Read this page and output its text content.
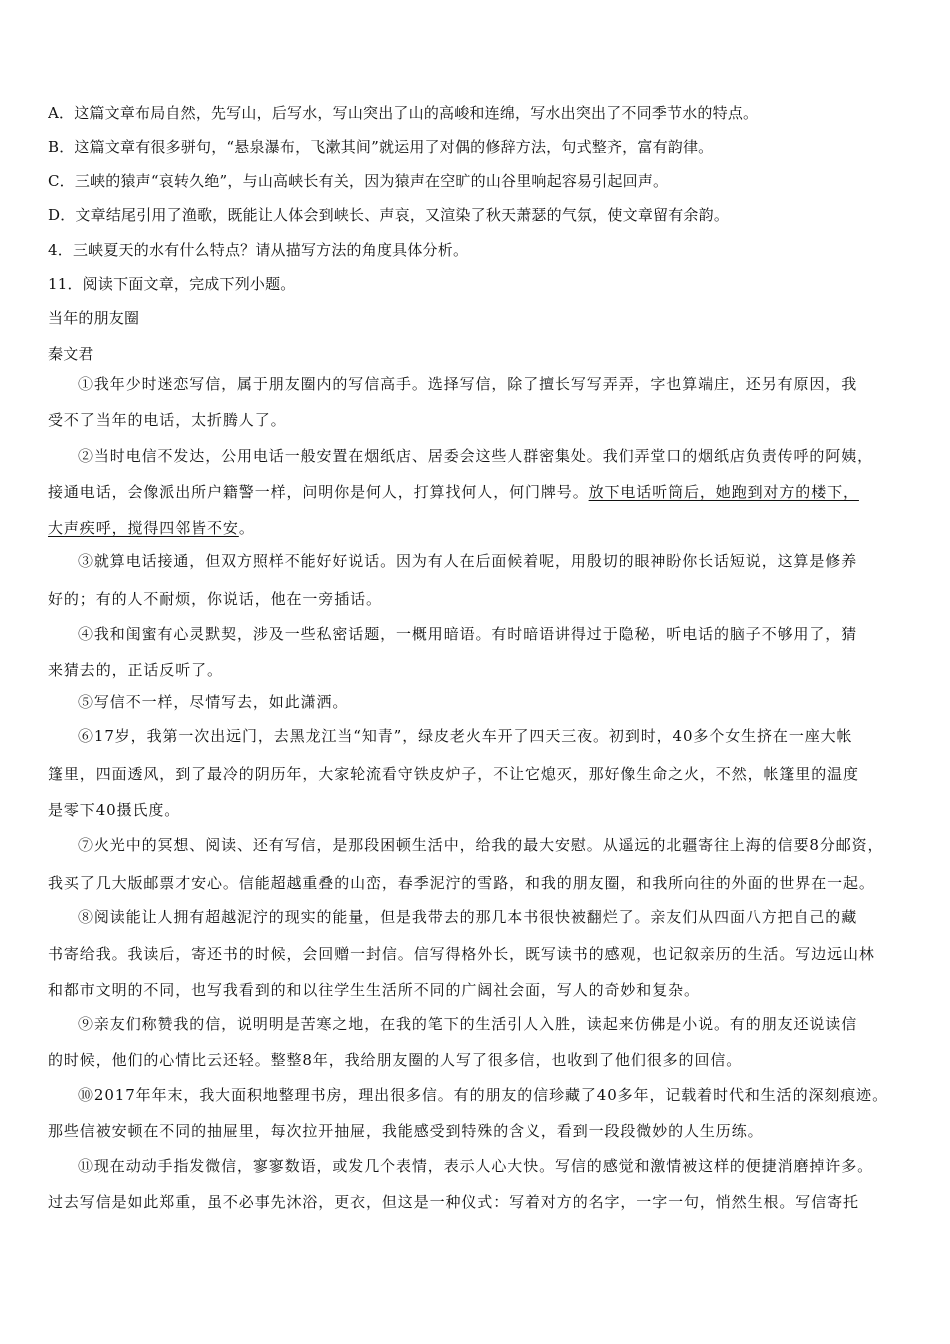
A．这篇文章布局自然，先写山，后写水，写山突出了山的高峻和连绵，写水出突出了不同季节水的特点。
B．这篇文章有很多骈句，“悬泉瀑布，飞漱其间”就运用了对偶的修辞方法，句式整齐，富有韵律。
C．三峡的猿声“哀转久绝”，与山高峡长有关，因为猿声在空旷的山谷里响起容易引起回声。
D．文章结尾引用了渔歌，既能让人体会到峡长、声哀，又渲染了秋天萧瑟的气氛，使文章留有余韵。
4．三峡夏天的水有什么特点？请从描写方法的角度具体分析。
11．阅读下面文章，完成下列小题。
当年的朋友圈
秦文君
①我年少时迷恋写信，属于朋友圈内的写信高手。选择写信，除了擅长写写弄弄，字也算端庄，还另有原因，我
受不了当年的电话，太折腾人了。
②当时电信不发达，公用电话一般安置在烟纸店、居委会这些人群密集处。我们弄堂口的烟纸店负责传呼的阿姨，
接通电话，会像派出所户籍警一样，问明你是何人，打算找何人，何门牌号。放下电话听筒后，她跑到对方的楼下，
大声疾呼，搅得四邻皆不安。
③就算电话接通，但双方照样不能好好说话。因为有人在后面候着呢，用殷切的眼神盼你长话短说，这算是修养
好的；有的人不耐烦，你说话，他在一旁插话。
④我和闺蜜有心灵默契，涉及一些私密话题，一概用暗语。有时暗语讲得过于隐秘，听电话的脑子不够用了，猜
来猜去的，正话反听了。
⑤写信不一样，尽情写去，如此潇洒。
⑥17岁，我第一次出远门，去黑龙江当“知青”，绿皮老火车开了四天三夜。初到时，40多个女生挤在一座大帐
篷里，四面透风，到了最冷的阴历年，大家轮流看守铁皮炉子，不让它熄灭，那好像生命之火，不然，帐篷里的温度
是零下40摄氏度。
⑦火光中的冥想、阅读、还有写信，是那段困顿生活中，给我的最大安慰。从遥远的北疆寄往上海的信要8分邮资，
我买了几大版邮票才安心。信能超越重叠的山峦，春季泥泞的雪路，和我的朋友圈，和我所向往的外面的世界在一起。
⑧阅读能让人拥有超越泥泞的现实的能量，但是我带去的那几本书很快被翻烂了。亲友们从四面八方把自己的藏
书寄给我。我读后，寄还书的时候，会回赠一封信。信写得格外长，既写读书的感观，也记叙亲历的生活。写边远山林
和都市文明的不同，也写我看到的和以往学生生活所不同的广阔社会面，写人的奇妙和复杂。
⑨亲友们称赞我的信，说明明是苦寒之地，在我的笔下的生活引人入胜，读起来仿佛是小说。有的朋友还说读信
的时候，他们的心情比云还轻。整整8年，我给朋友圈的人写了很多信，也收到了他们很多的回信。
⑩2017年年末，我大面积地整理书房，理出很多信。有的朋友的信珍藏了40多年，记载着时代和生活的深刻痕迹。
那些信被安顿在不同的抽屉里，每次拉开抽屉，我能感受到特殊的含义，看到一段段微妙的人生历练。
⑪现在动动手指发微信，寥寥数语，或发几个表情，表示人心大快。写信的感觉和激情被这样的便捷消磨掉许多。
过去写信是如此郑重，虽不必事先沐浴，更衣，但这是一种仪式：写着对方的名字，一字一句，悄然生根。写信寄托
